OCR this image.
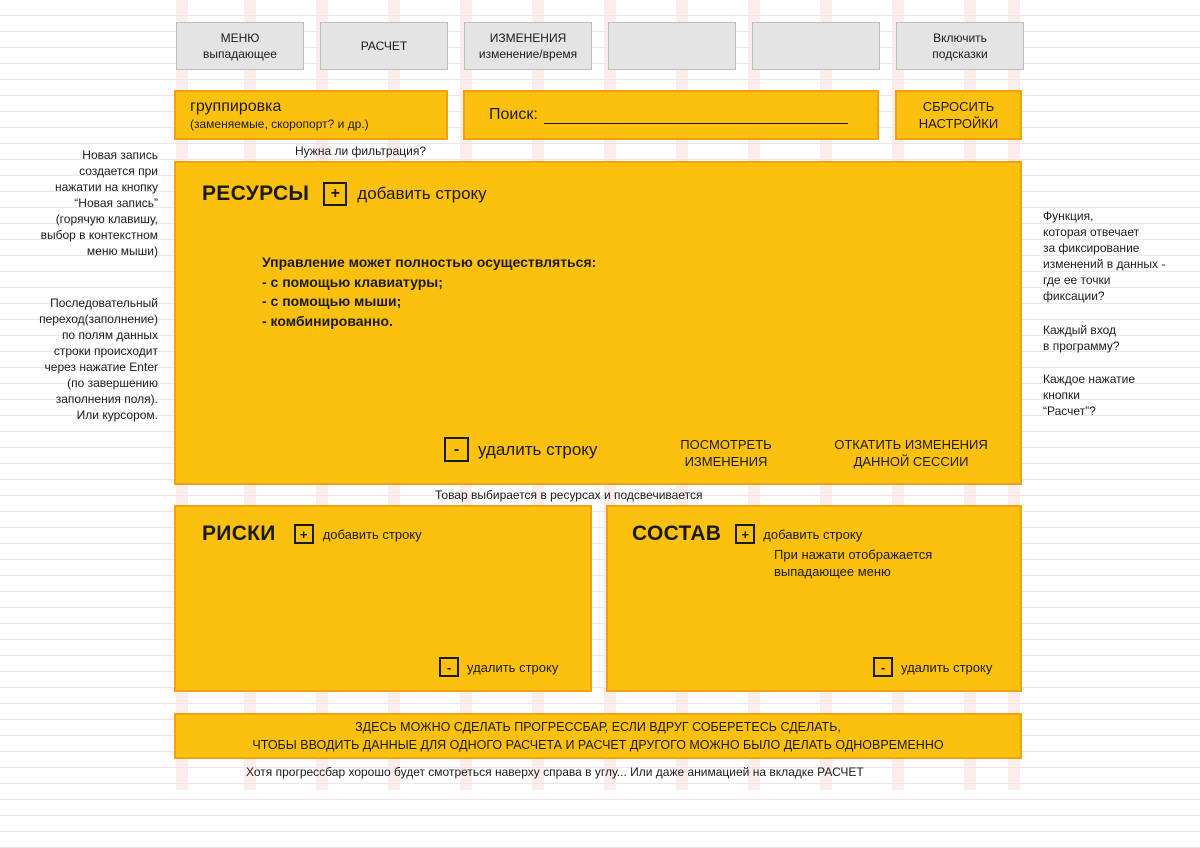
МЕНЮ
выпадающее
РАСЧЕТ
ИЗМЕНЕНИЯ
изменение/время
Включить
подсказки
группировка
(заменяемые, скоропорт? и др.)
Поиск:	СБРОСИТЬ
НАСТРОЙКИ
Нужна ли фильтрация?
РЕСУРСЫ	+	добавить строку
Управление может полностью осуществляться:
- с помощью клавиатуры;
- с помощью мыши;
- комбинированно.
-	удалить строку	ПОСМОТРЕТЬ
ИЗМЕНЕНИЯ
ОТКАТИТЬ ИЗМЕНЕНИЯ
ДАННОЙ СЕССИИ
Товар выбирается в ресурсах и подсвечивается
РИСКИ	+	добавить строку
-	удалить строку
СОСТАВ	+	добавить строку
При нажати отображается
выпадающее меню
-	удалить строку
ЗДЕСЬ МОЖНО СДЕЛАТЬ ПРОГРЕССБАР, ЕСЛИ ВДРУГ СОБЕРЕТЕСЬ СДЕЛАТЬ,
ЧТОБЫ ВВОДИТЬ ДАННЫЕ ДЛЯ ОДНОГО РАСЧЕТА И РАСЧЕТ ДРУГОГО МОЖНО БЫЛО ДЕЛАТЬ ОДНОВРЕМЕННО
Хотя прогрессбар хорошо будет смотреться наверху справа в углу... Или даже анимацией на вкладке РАСЧЕТ
Новая запись
создается при
нажатии на кнопку
“Новая запись”
(горячую клавишу,
выбор в контекстном
меню мыши)
Последовательный
переход(заполнение)
по полям данных
строки происходит
через нажатие Enter
(по завершению
заполнения поля).
Или курсором.
Функция,
которая отвечает
за фиксирование
изменений в данных -
где ее точки
фиксации?
Каждый вход
в программу?
Каждое нажатие
кнопки
“Расчет”?
